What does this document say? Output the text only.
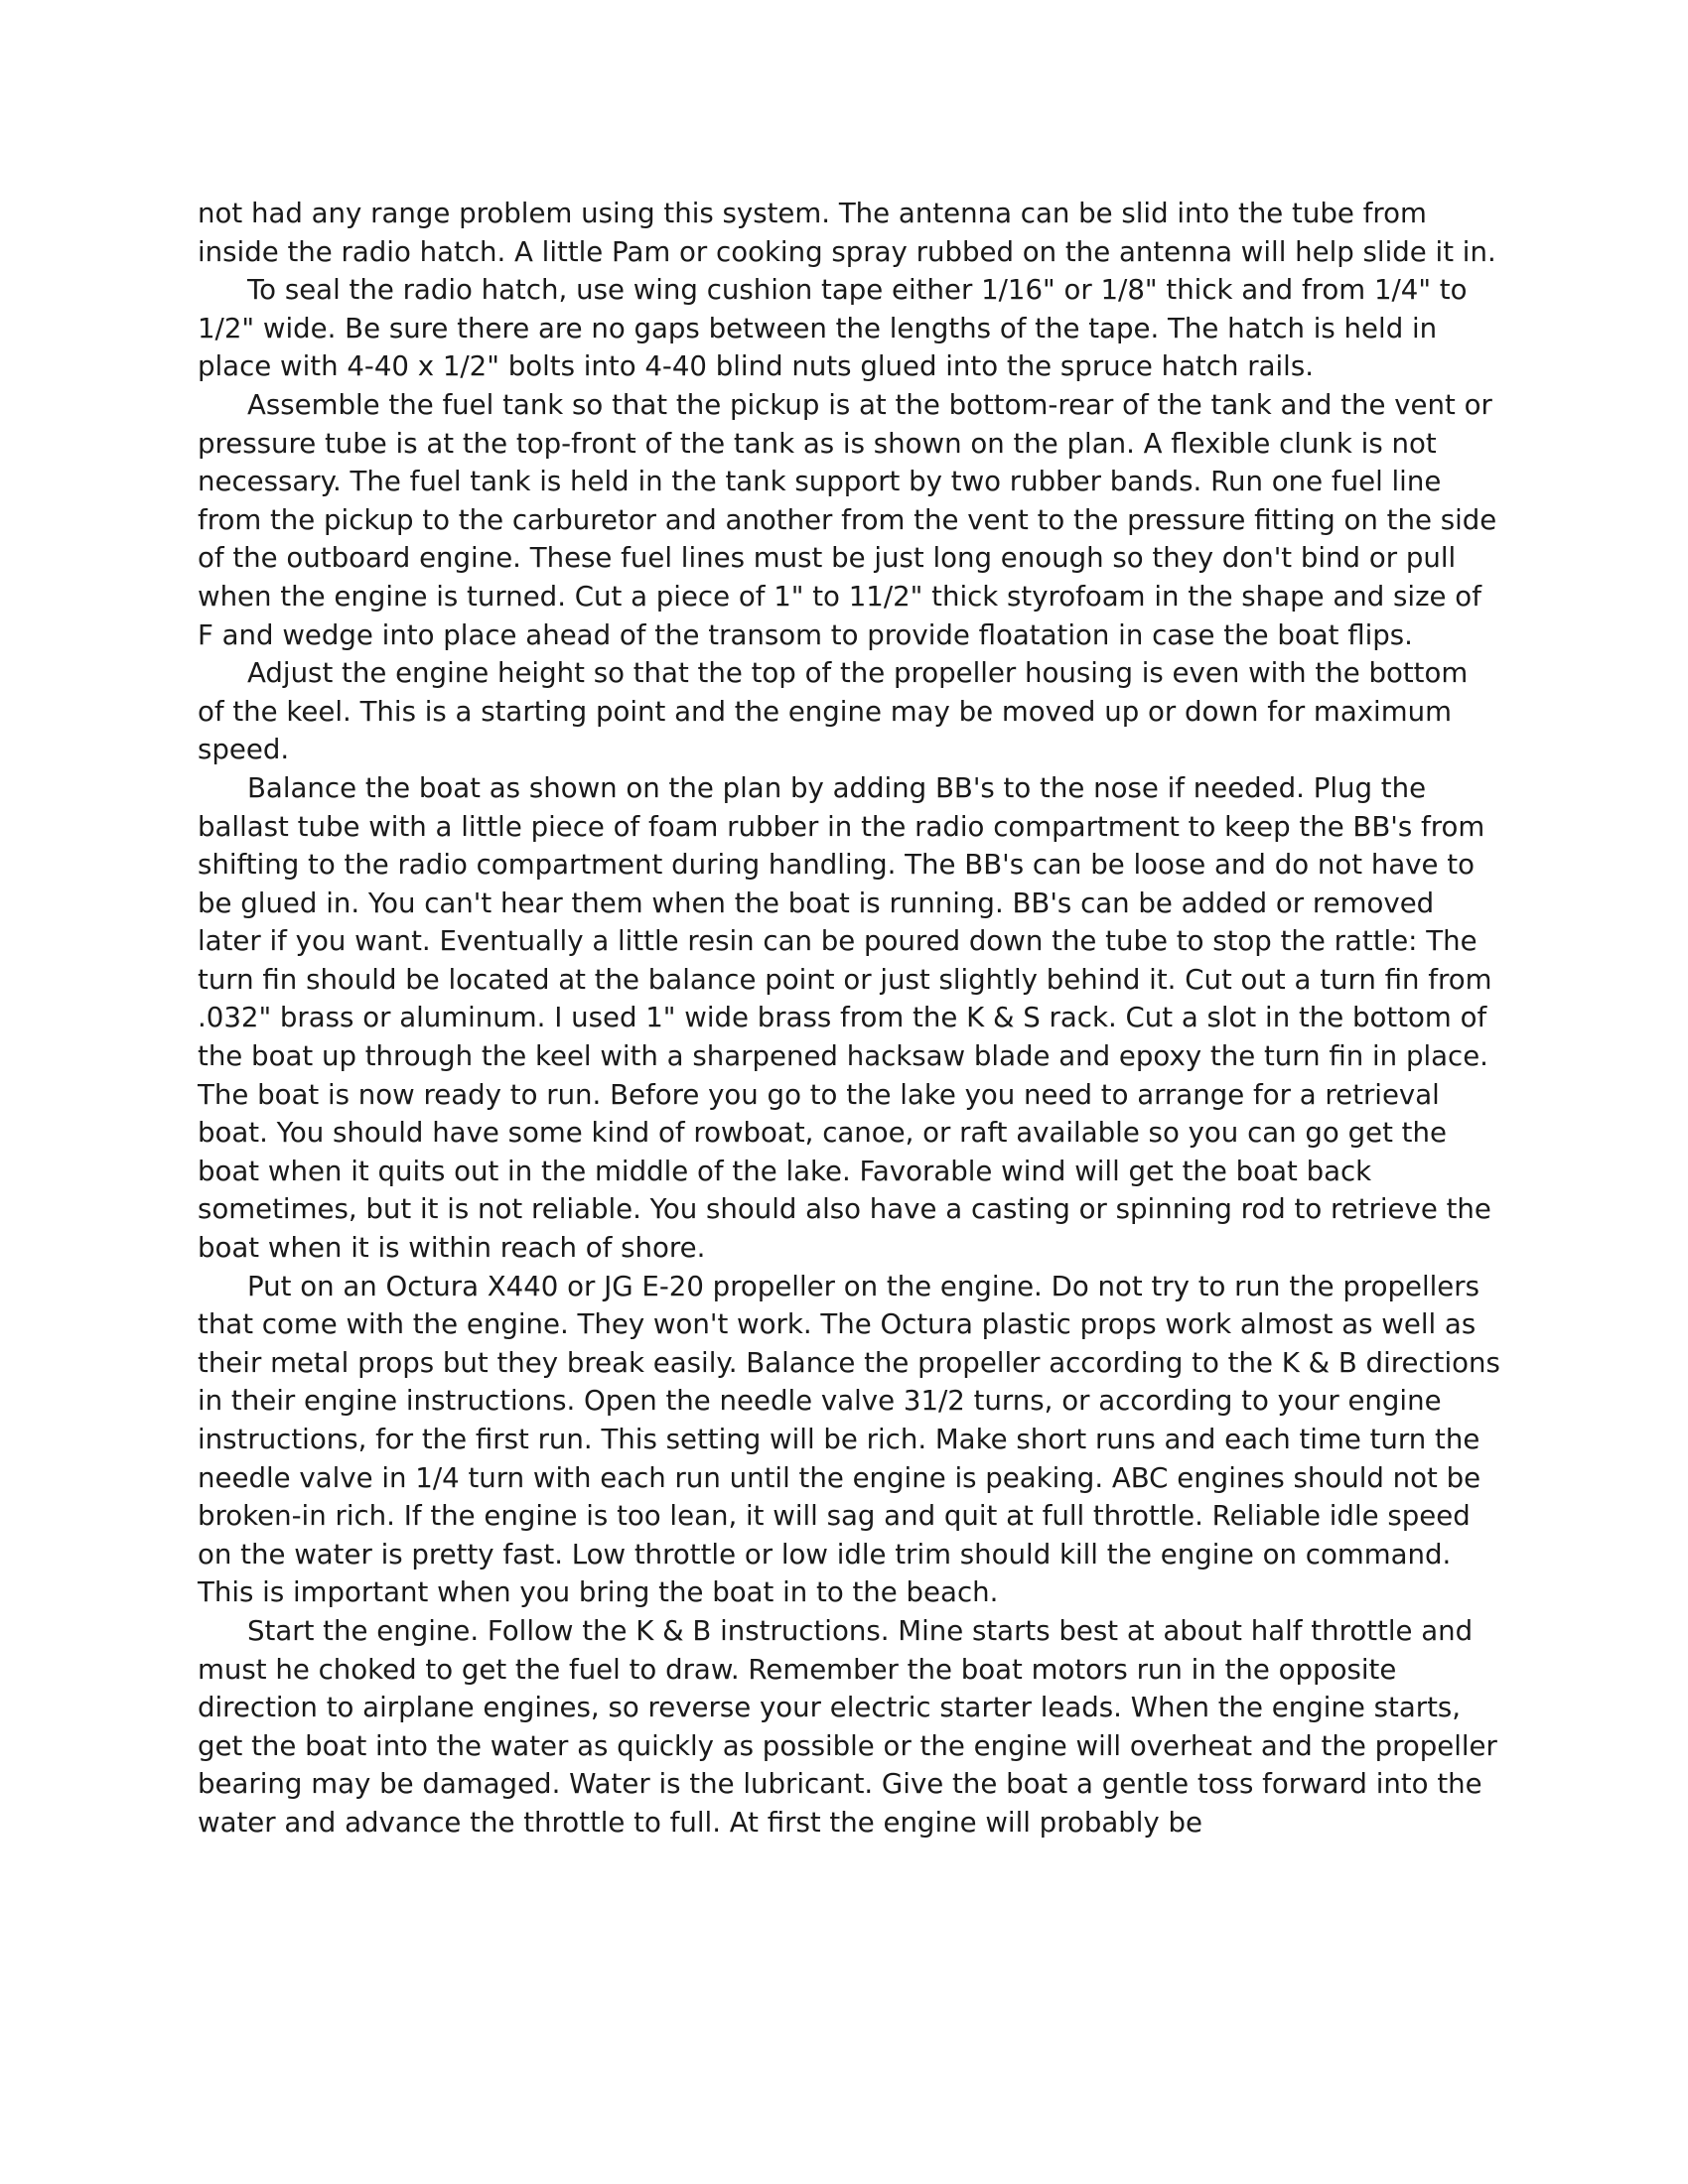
not had any range problem using this system. The antenna can be slid into the tube from inside the radio hatch. A little Pam or cooking spray rubbed on the antenna will help slide it in.

To seal the radio hatch, use wing cushion tape either 1/16" or 1/8" thick and from 1/4" to 1/2" wide. Be sure there are no gaps between the lengths of the tape. The hatch is held in place with 4-40 x 1/2" bolts into 4-40 blind nuts glued into the spruce hatch rails.

Assemble the fuel tank so that the pickup is at the bottom-rear of the tank and the vent or pressure tube is at the top-front of the tank as is shown on the plan. A flexible clunk is not necessary. The fuel tank is held in the tank support by two rubber bands. Run one fuel line from the pickup to the carburetor and another from the vent to the pressure fitting on the side of the outboard engine. These fuel lines must be just long enough so they don't bind or pull when the engine is turned. Cut a piece of 1" to 11/2" thick styrofoam in the shape and size of F and wedge into place ahead of the transom to provide floatation in case the boat flips.

Adjust the engine height so that the top of the propeller housing is even with the bottom of the keel. This is a starting point and the engine may be moved up or down for maximum speed.

Balance the boat as shown on the plan by adding BB's to the nose if needed. Plug the ballast tube with a little piece of foam rubber in the radio compartment to keep the BB's from shifting to the radio compartment during handling. The BB's can be loose and do not have to be glued in. You can't hear them when the boat is running. BB's can be added or removed later if you want. Eventually a little resin can be poured down the tube to stop the rattle: The turn fin should be located at the balance point or just slightly behind it. Cut out a turn fin from .032" brass or aluminum. I used 1" wide brass from the K & S rack. Cut a slot in the bottom of the boat up through the keel with a sharpened hacksaw blade and epoxy the turn fin in place. The boat is now ready to run. Before you go to the lake you need to arrange for a retrieval boat. You should have some kind of rowboat, canoe, or raft available so you can go get the boat when it quits out in the middle of the lake. Favorable wind will get the boat back sometimes, but it is not reliable. You should also have a casting or spinning rod to retrieve the boat when it is within reach of shore.

Put on an Octura X440 or JG E-20 propeller on the engine. Do not try to run the propellers that come with the engine. They won't work. The Octura plastic props work almost as well as their metal props but they break easily. Balance the propeller according to the K & B directions in their engine instructions. Open the needle valve 31/2 turns, or according to your engine instructions, for the first run. This setting will be rich. Make short runs and each time turn the needle valve in 1/4 turn with each run until the engine is peaking. ABC engines should not be broken-in rich. If the engine is too lean, it will sag and quit at full throttle. Reliable idle speed on the water is pretty fast. Low throttle or low idle trim should kill the engine on command. This is important when you bring the boat in to the beach.

Start the engine. Follow the K & B instructions. Mine starts best at about half throttle and must he choked to get the fuel to draw. Remember the boat motors run in the opposite direction to airplane engines, so reverse your electric starter leads. When the engine starts, get the boat into the water as quickly as possible or the engine will overheat and the propeller bearing may be damaged. Water is the lubricant. Give the boat a gentle toss forward into the water and advance the throttle to full. At first the engine will probably be
